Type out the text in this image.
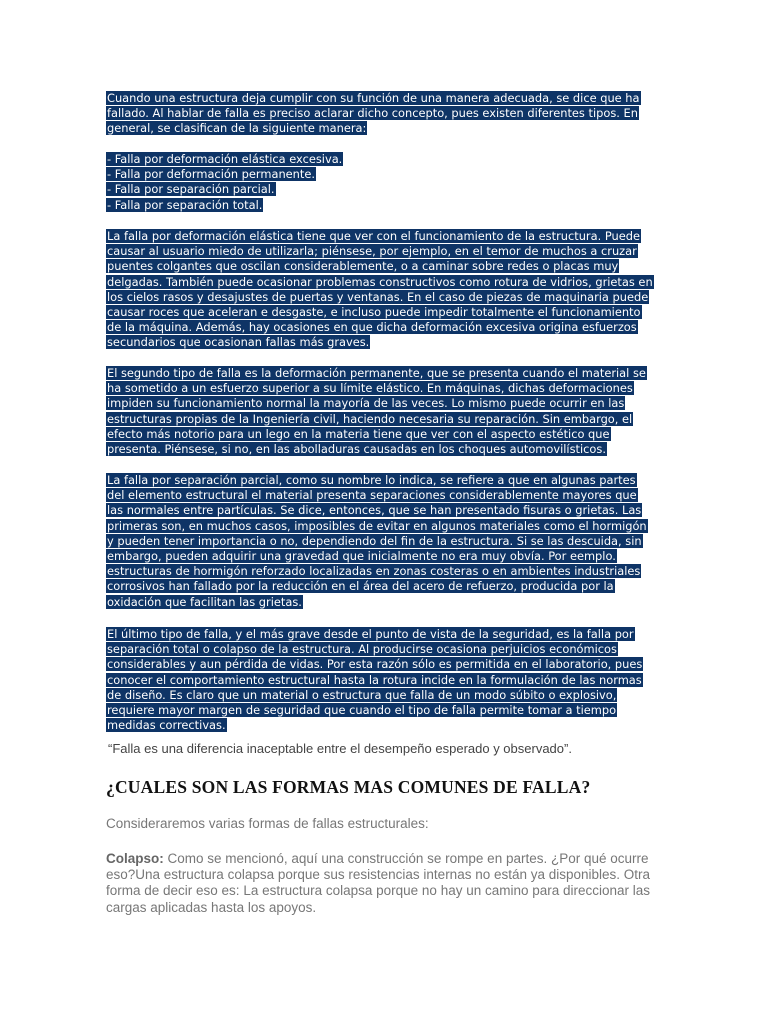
Cuando una estructura deja cumplir con su función de una manera adecuada, se dice que ha fallado. Al hablar de falla es preciso aclarar dicho concepto, pues existen diferentes tipos. En general, se clasifican de la siguiente manera:

- Falla por deformación elástica excesiva.
- Falla por deformación permanente.
- Falla por separación parcial.
- Falla por separación total.

La falla por deformación elástica tiene que ver con el funcionamiento de la estructura. Puede causar al usuario miedo de utilizarla; piénsese, por ejemplo, en el temor de muchos a cruzar puentes colgantes que oscilan considerablemente, o a caminar sobre redes o placas muy delgadas. También puede ocasionar problemas constructivos como rotura de vidrios, grietas en los cielos rasos y desajustes de puertas y ventanas. En el caso de piezas de maquinaria puede causar roces que aceleran e desgaste, e incluso puede impedir totalmente el funcionamiento de la máquina. Además, hay ocasiones en que dicha deformación excesiva origina esfuerzos secundarios que ocasionan fallas más graves.

El segundo tipo de falla es la deformación permanente, que se presenta cuando el material se ha sometido a un esfuerzo superior a su límite elástico. En máquinas, dichas deformaciones impiden su funcionamiento normal la mayoría de las veces. Lo mismo puede ocurrir en las estructuras propias de la Ingeniería civil, haciendo necesaria su reparación. Sin embargo, el efecto más notorio para un lego en la materia tiene que ver con el aspecto estético que presenta. Piénsese, si no, en las abolladuras causadas en los choques automovilísticos.

La falla por separación parcial, como su nombre lo indica, se refiere a que en algunas partes del elemento estructural el material presenta separaciones considerablemente mayores que las normales entre partículas. Se dice, entonces, que se han presentado fisuras o grietas. Las primeras son, en muchos casos, imposibles de evitar en algunos materiales como el hormigón y pueden tener importancia o no, dependiendo del fin de la estructura. Si se las descuida, sin embargo, pueden adquirir una gravedad que inicialmente no era muy obvía. Por eemplo. estructuras de hormigón reforzado localizadas en zonas costeras o en ambientes industriales corrosivos han fallado por la reducción en el área del acero de refuerzo, producida por la oxidación que facilitan las grietas.

El último tipo de falla, y el más grave desde el punto de vista de la seguridad, es la falla por separación total o colapso de la estructura. Al producirse ocasiona perjuicios económicos considerables y aun pérdida de vidas. Por esta razón sólo es permitida en el laboratorio, pues conocer el comportamiento estructural hasta la rotura incide en la formulación de las normas de diseño. Es claro que un material o estructura que falla de un modo súbito o explosivo, requiere mayor margen de seguridad que cuando el tipo de falla permite tomar a tiempo medidas correctivas.

“Falla es una diferencia inaceptable entre el desempeño esperado y observado”.

¿CUALES SON LAS FORMAS MAS COMUNES DE FALLA?

Consideraremos varias formas de fallas estructurales:

Colapso: Como se mencionó, aquí una construcción se rompe en partes. ¿Por qué ocurre eso?Una estructura colapsa porque sus resistencias internas no están ya disponibles. Otra forma de decir eso es: La estructura colapsa porque no hay un camino para direccionar las cargas aplicadas hasta los apoyos.
